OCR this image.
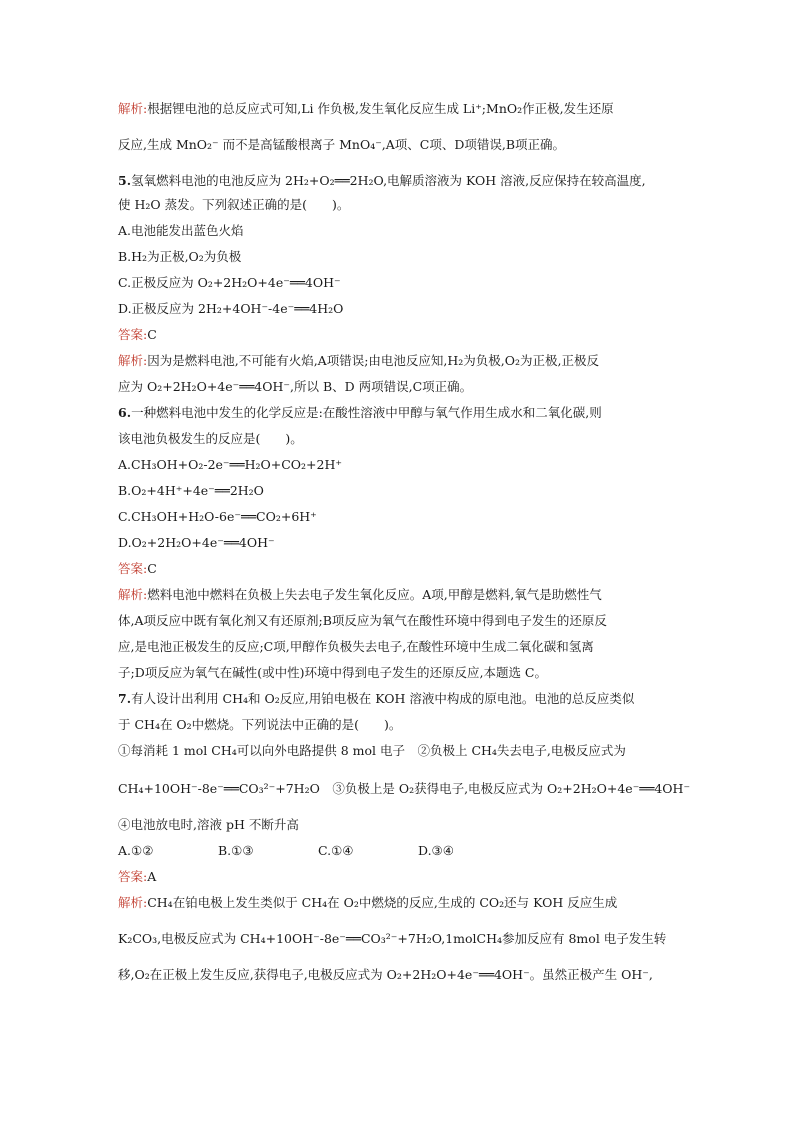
解析:根据锂电池的总反应式可知,Li 作负极,发生氧化反应生成 Li⁺;MnO₂作正极,发生还原
反应,生成 MnO₂⁻ 而不是高锰酸根离子 MnO₄⁻,A项、C项、D项错误,B项正确。
5.氢氧燃料电池的电池反应为 2H₂+O₂══2H₂O,电解质溶液为 KOH 溶液,反应保持在较高温度,
使 H₂O 蒸发。下列叙述正确的是(　　)。
A.电池能发出蓝色火焰
B.H₂为正极,O₂为负极
C.正极反应为 O₂+2H₂O+4e⁻══4OH⁻
D.正极反应为 2H₂+4OH⁻-4e⁻══4H₂O
答案:C
解析:因为是燃料电池,不可能有火焰,A项错误;由电池反应知,H₂为负极,O₂为正极,正极反
应为 O₂+2H₂O+4e⁻══4OH⁻,所以 B、D 两项错误,C项正确。
6.一种燃料电池中发生的化学反应是:在酸性溶液中甲醇与氧气作用生成水和二氧化碳,则
该电池负极发生的反应是(　　)。
A.CH₃OH+O₂-2e⁻══H₂O+CO₂+2H⁺
B.O₂+4H⁺+4e⁻══2H₂O
C.CH₃OH+H₂O-6e⁻══CO₂+6H⁺
D.O₂+2H₂O+4e⁻══4OH⁻
答案:C
解析:燃料电池中燃料在负极上失去电子发生氧化反应。A项,甲醇是燃料,氧气是助燃性气
体,A项反应中既有氧化剂又有还原剂;B项反应为氧气在酸性环境中得到电子发生的还原反
应,是电池正极发生的反应;C项,甲醇作负极失去电子,在酸性环境中生成二氧化碳和氢离
子;D项反应为氧气在碱性(或中性)环境中得到电子发生的还原反应,本题选 C。
7.有人设计出利用 CH₄和 O₂反应,用铂电极在 KOH 溶液中构成的原电池。电池的总反应类似
于 CH₄在 O₂中燃烧。下列说法中正确的是(　　)。
①每消耗 1 mol CH₄可以向外电路提供 8 mol 电子　②负极上 CH₄失去电子,电极反应式为
CH₄+10OH⁻-8e⁻══CO₃²⁻+7H₂O　③负极上是 O₂获得电子,电极反应式为 O₂+2H₂O+4e⁻══4OH⁻
④电池放电时,溶液 pH 不断升高
A.①②	B.①③	C.①④	D.③④
答案:A
解析:CH₄在铂电极上发生类似于 CH₄在 O₂中燃烧的反应,生成的 CO₂还与 KOH 反应生成
K₂CO₃,电极反应式为 CH₄+10OH⁻-8e⁻══CO₃²⁻+7H₂O,1molCH₄参加反应有 8mol 电子发生转
移,O₂在正极上发生反应,获得电子,电极反应式为 O₂+2H₂O+4e⁻══4OH⁻。虽然正极产生 OH⁻,
